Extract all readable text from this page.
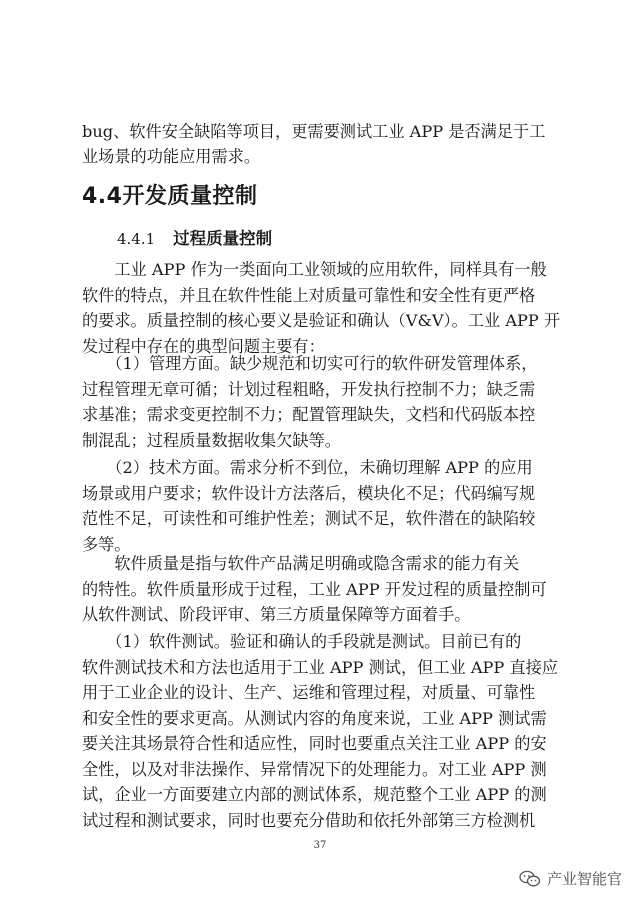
bug、软件安全缺陷等项目，更需要测试工业 APP 是否满足于工
业场景的功能应用需求。
4.4开发质量控制
4.4.1 过程质量控制
　　工业 APP 作为一类面向工业领域的应用软件，同样具有一般
软件的特点，并且在软件性能上对质量可靠性和安全性有更严格
的要求。质量控制的核心要义是验证和确认（V&V）。工业 APP 开
发过程中存在的典型问题主要有：
　　（1）管理方面。缺少规范和切实可行的软件研发管理体系，
过程管理无章可循；计划过程粗略，开发执行控制不力；缺乏需
求基准；需求变更控制不力；配置管理缺失，文档和代码版本控
制混乱；过程质量数据收集欠缺等。
　　（2）技术方面。需求分析不到位，未确切理解 APP 的应用
场景或用户要求；软件设计方法落后，模块化不足；代码编写规
范性不足，可读性和可维护性差；测试不足，软件潜在的缺陷较
多等。
　　软件质量是指与软件产品满足明确或隐含需求的能力有关
的特性。软件质量形成于过程，工业 APP 开发过程的质量控制可
从软件测试、阶段评审、第三方质量保障等方面着手。
　　（1）软件测试。验证和确认的手段就是测试。目前已有的
软件测试技术和方法也适用于工业 APP 测试，但工业 APP 直接应
用于工业企业的设计、生产、运维和管理过程，对质量、可靠性
和安全性的要求更高。从测试内容的角度来说，工业 APP 测试需
要关注其场景符合性和适应性，同时也要重点关注工业 APP 的安
全性，以及对非法操作、异常情况下的处理能力。对工业 APP 测
试，企业一方面要建立内部的测试体系，规范整个工业 APP 的测
试过程和测试要求，同时也要充分借助和依托外部第三方检测机
37
产业智能官
